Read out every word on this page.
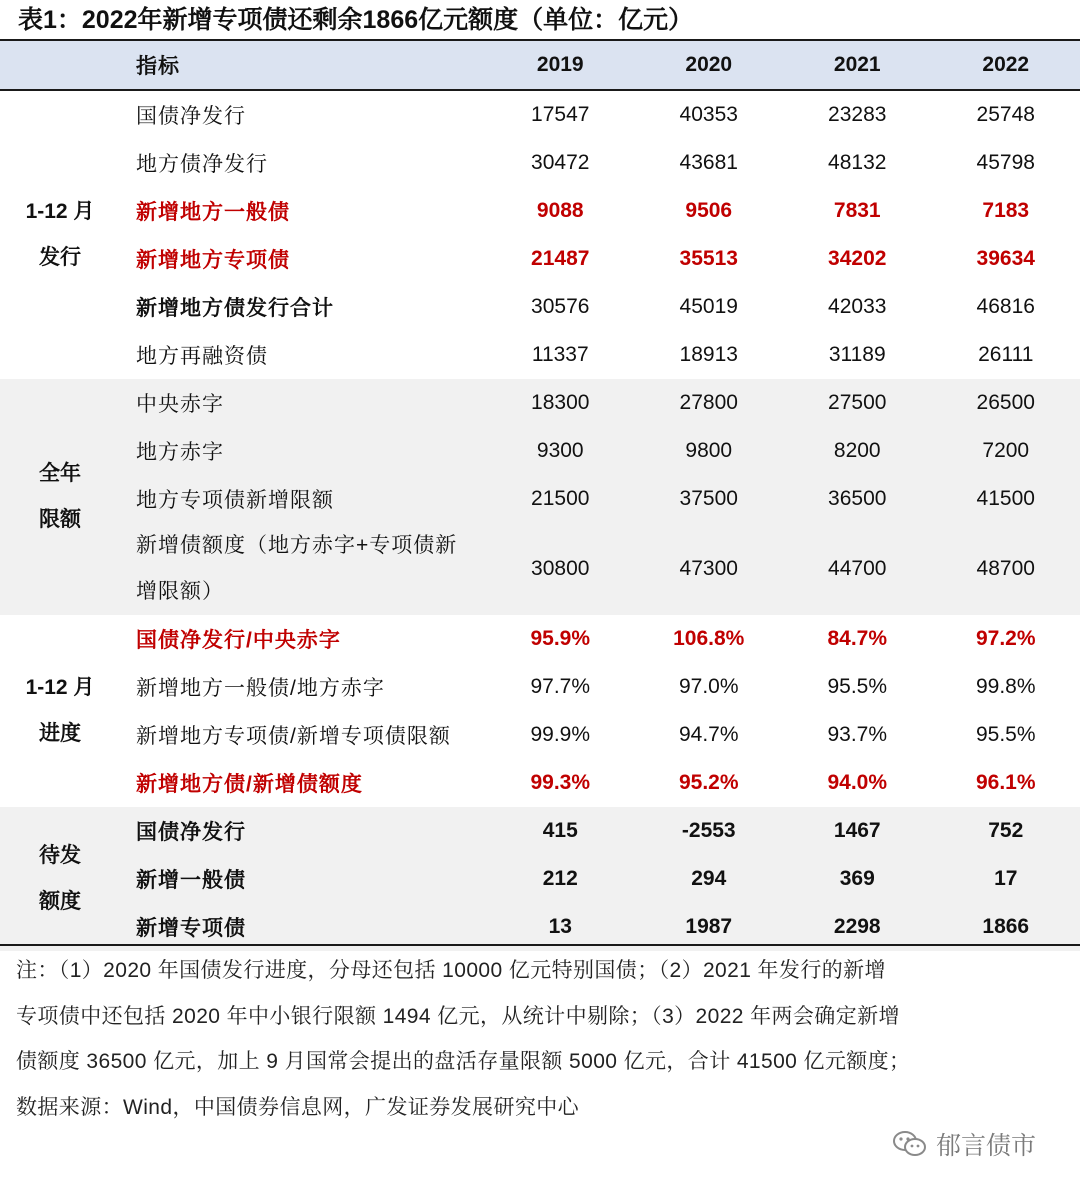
表1：2022年新增专项债还剩余1866亿元额度（单位：亿元）
	指标	2019	2020	2021	2022

1-12 月
发行	国债净发行	17547	40353	23283	25748
	地方债净发行	30472	43681	48132	45798
	新增地方一般债	9088	9506	7831	7183
	新增地方专项债	21487	35513	34202	39634
	新增地方债发行合计	30576	45019	42033	46816
	地方再融资债	11337	18913	31189	26111

全年
限额	中央赤字	18300	27800	27500	26500
	地方赤字	9300	9800	8200	7200
	地方专项债新增限额	21500	37500	36500	41500

	新增债额度（地方赤字+专项债新
增限额）	30800	47300	44700	48700

1-12 月
进度	国债净发行/中央赤字	95.9%	106.8%	84.7%	97.2%
	新增地方一般债/地方赤字	97.7%	97.0%	95.5%	99.8%
	新增地方专项债/新增专项债限额	99.9%	94.7%	93.7%	95.5%
	新增地方债/新增债额度	99.3%	95.2%	94.0%	96.1%

待发
额度	国债净发行	415	-2553	1467	752
	新增一般债	212	294	369	17
	新增专项债	13	1987	2298	1866
注：（1）2020 年国债发行进度，分母还包括 10000 亿元特别国债；（2）2021 年发行的新增
专项债中还包括 2020 年中小银行限额 1494 亿元，从统计中剔除；（3）2022 年两会确定新增
债额度 36500 亿元，加上 9 月国常会提出的盘活存量限额 5000 亿元，合计 41500 亿元额度；
数据来源：Wind，中国债券信息网，广发证券发展研究中心
郁言债市
